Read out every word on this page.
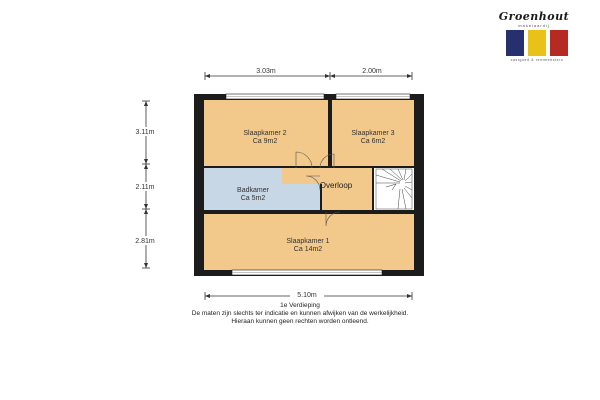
3.03m	2.00m
3.11m
2.11m
2.81m
5.10m
Slaapkamer 2
Ca 9m2
Slaapkamer 3
Ca 6m2
Badkamer
Ca 5m2
Overloop
Slaapkamer 1
Ca 14m2
1e Verdieping
De maten zijn slechts ter indicatie en kunnen afwijken van de werkelijkheid.
Hieraan kunnen geen rechten worden ontleend.
Groenhout
makelaardij
vastgoed & rentmeesters
